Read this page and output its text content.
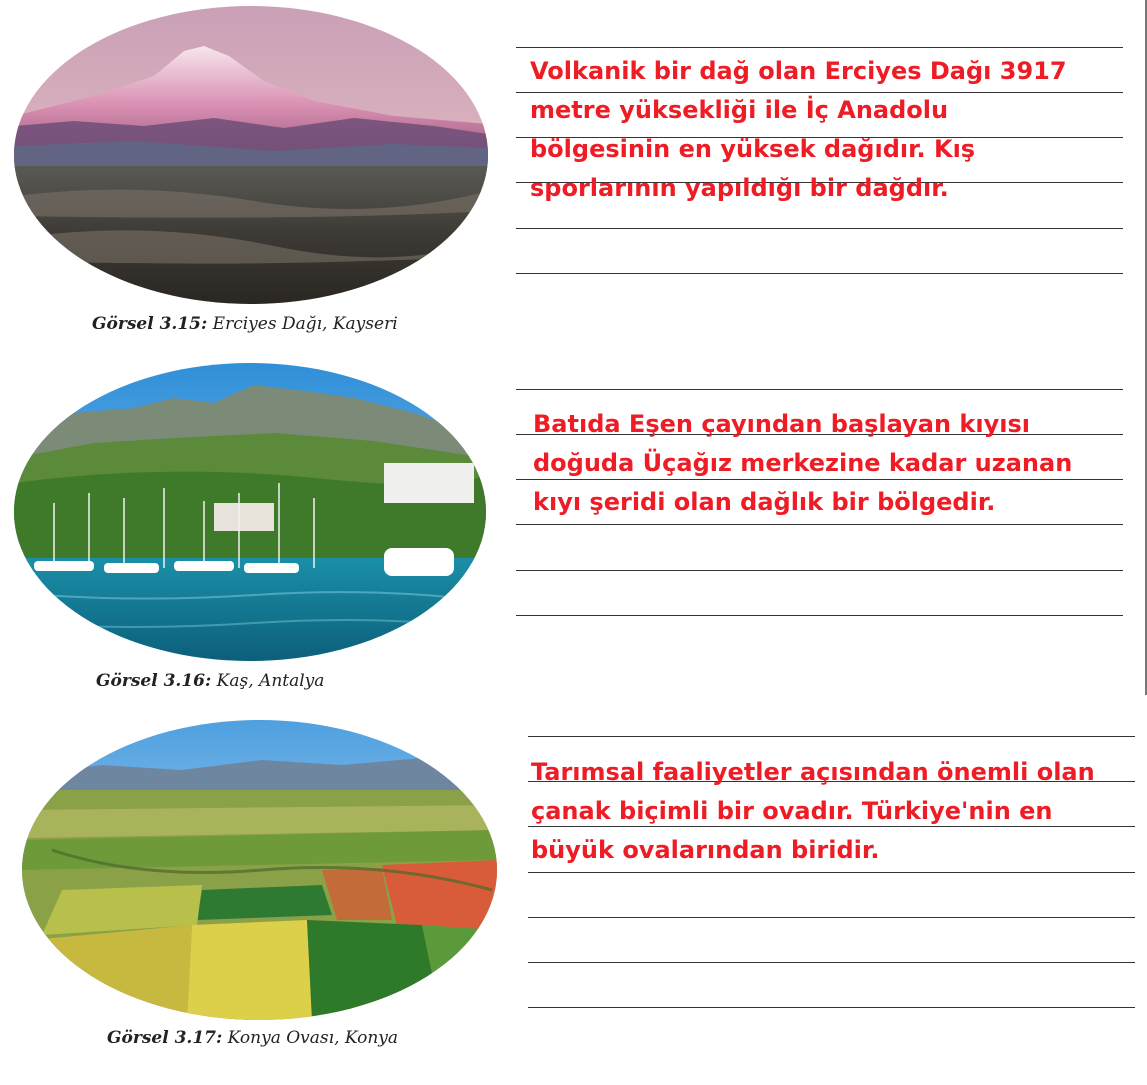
Görsel 3.15: Erciyes Dağı, Kayseri
Volkanik bir dağ olan Erciyes Dağı 3917
metre yüksekliği ile İç Anadolu
bölgesinin en yüksek dağıdır. Kış
sporlarının yapıldığı bir dağdır.
Görsel 3.16: Kaş, Antalya
Batıda Eşen çayından başlayan kıyısı
doğuda Üçağız merkezine kadar uzanan
kıyı şeridi olan dağlık bir bölgedir.
Görsel 3.17: Konya Ovası, Konya
Tarımsal faaliyetler açısından önemli olan
çanak biçimli bir ovadır. Türkiye'nin en
büyük ovalarından biridir.
